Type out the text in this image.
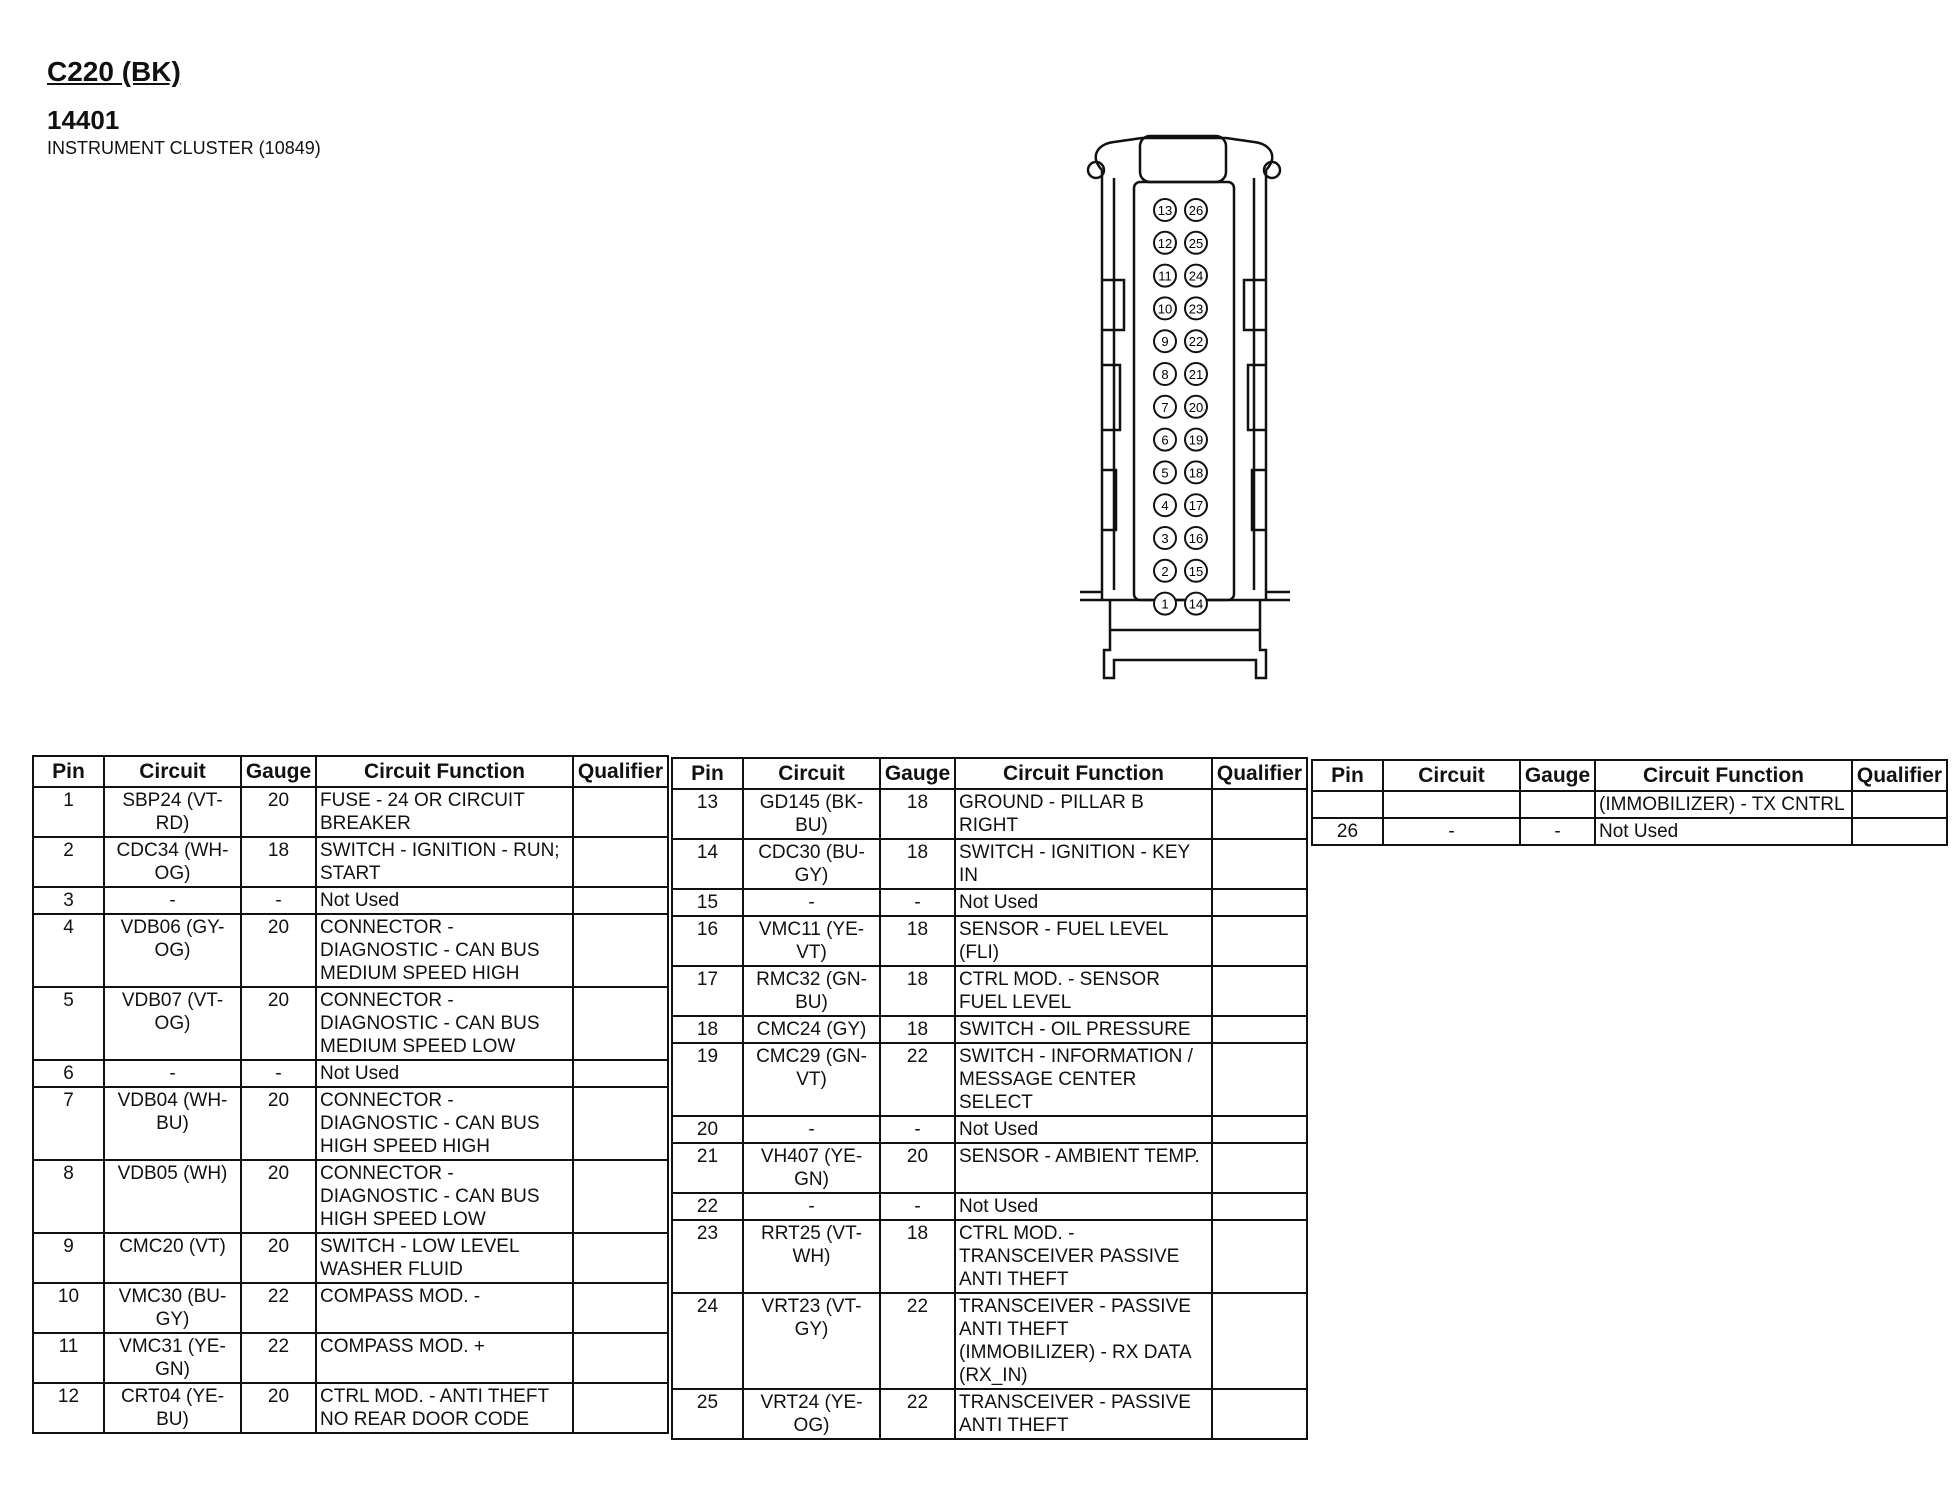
C220 (BK)
14401
INSTRUMENT CLUSTER (10849)
13
12
11
10
9
8
7
6
5
4
3
2
1
26
25
24
23
22
21
20
19
18
17
16
15
14
Pin	Circuit	Gauge	Circuit Function	Qualifier
1	SBP24 (VT-RD)	20	FUSE - 24 OR CIRCUIT BREAKER	
2	CDC34 (WH-OG)	18	SWITCH - IGNITION - RUN; START	
3	-	-	Not Used	
4	VDB06 (GY-OG)	20	CONNECTOR - DIAGNOSTIC - CAN BUS MEDIUM SPEED HIGH	
5	VDB07 (VT-OG)	20	CONNECTOR - DIAGNOSTIC - CAN BUS MEDIUM SPEED LOW	
6	-	-	Not Used	
7	VDB04 (WH-BU)	20	CONNECTOR - DIAGNOSTIC - CAN BUS HIGH SPEED HIGH	
8	VDB05 (WH)	20	CONNECTOR - DIAGNOSTIC - CAN BUS HIGH SPEED LOW	
9	CMC20 (VT)	20	SWITCH - LOW LEVEL WASHER FLUID	
10	VMC30 (BU-GY)	22	COMPASS MOD. -	
11	VMC31 (YE-GN)	22	COMPASS MOD. +	
12	CRT04 (YE-BU)	20	CTRL MOD. - ANTI THEFT NO REAR DOOR CODE	
Pin	Circuit	Gauge	Circuit Function	Qualifier
13	GD145 (BK-BU)	18	GROUND - PILLAR B RIGHT	
14	CDC30 (BU-GY)	18	SWITCH - IGNITION - KEY IN	
15	-	-	Not Used	
16	VMC11 (YE-VT)	18	SENSOR - FUEL LEVEL (FLI)	
17	RMC32 (GN-BU)	18	CTRL MOD. - SENSOR FUEL LEVEL	
18	CMC24 (GY)	18	SWITCH - OIL PRESSURE	
19	CMC29 (GN-VT)	22	SWITCH - INFORMATION / MESSAGE CENTER SELECT	
20	-	-	Not Used	
21	VH407 (YE-GN)	20	SENSOR - AMBIENT TEMP.	
22	-	-	Not Used	
23	RRT25 (VT-WH)	18	CTRL MOD. - TRANSCEIVER PASSIVE ANTI THEFT	
24	VRT23 (VT-GY)	22	TRANSCEIVER - PASSIVE ANTI THEFT (IMMOBILIZER) - RX DATA (RX_IN)	
25	VRT24 (YE-OG)	22	TRANSCEIVER - PASSIVE ANTI THEFT	
Pin	Circuit	Gauge	Circuit Function	Qualifier
			(IMMOBILIZER) - TX CNTRL	
26	-	-	Not Used	
